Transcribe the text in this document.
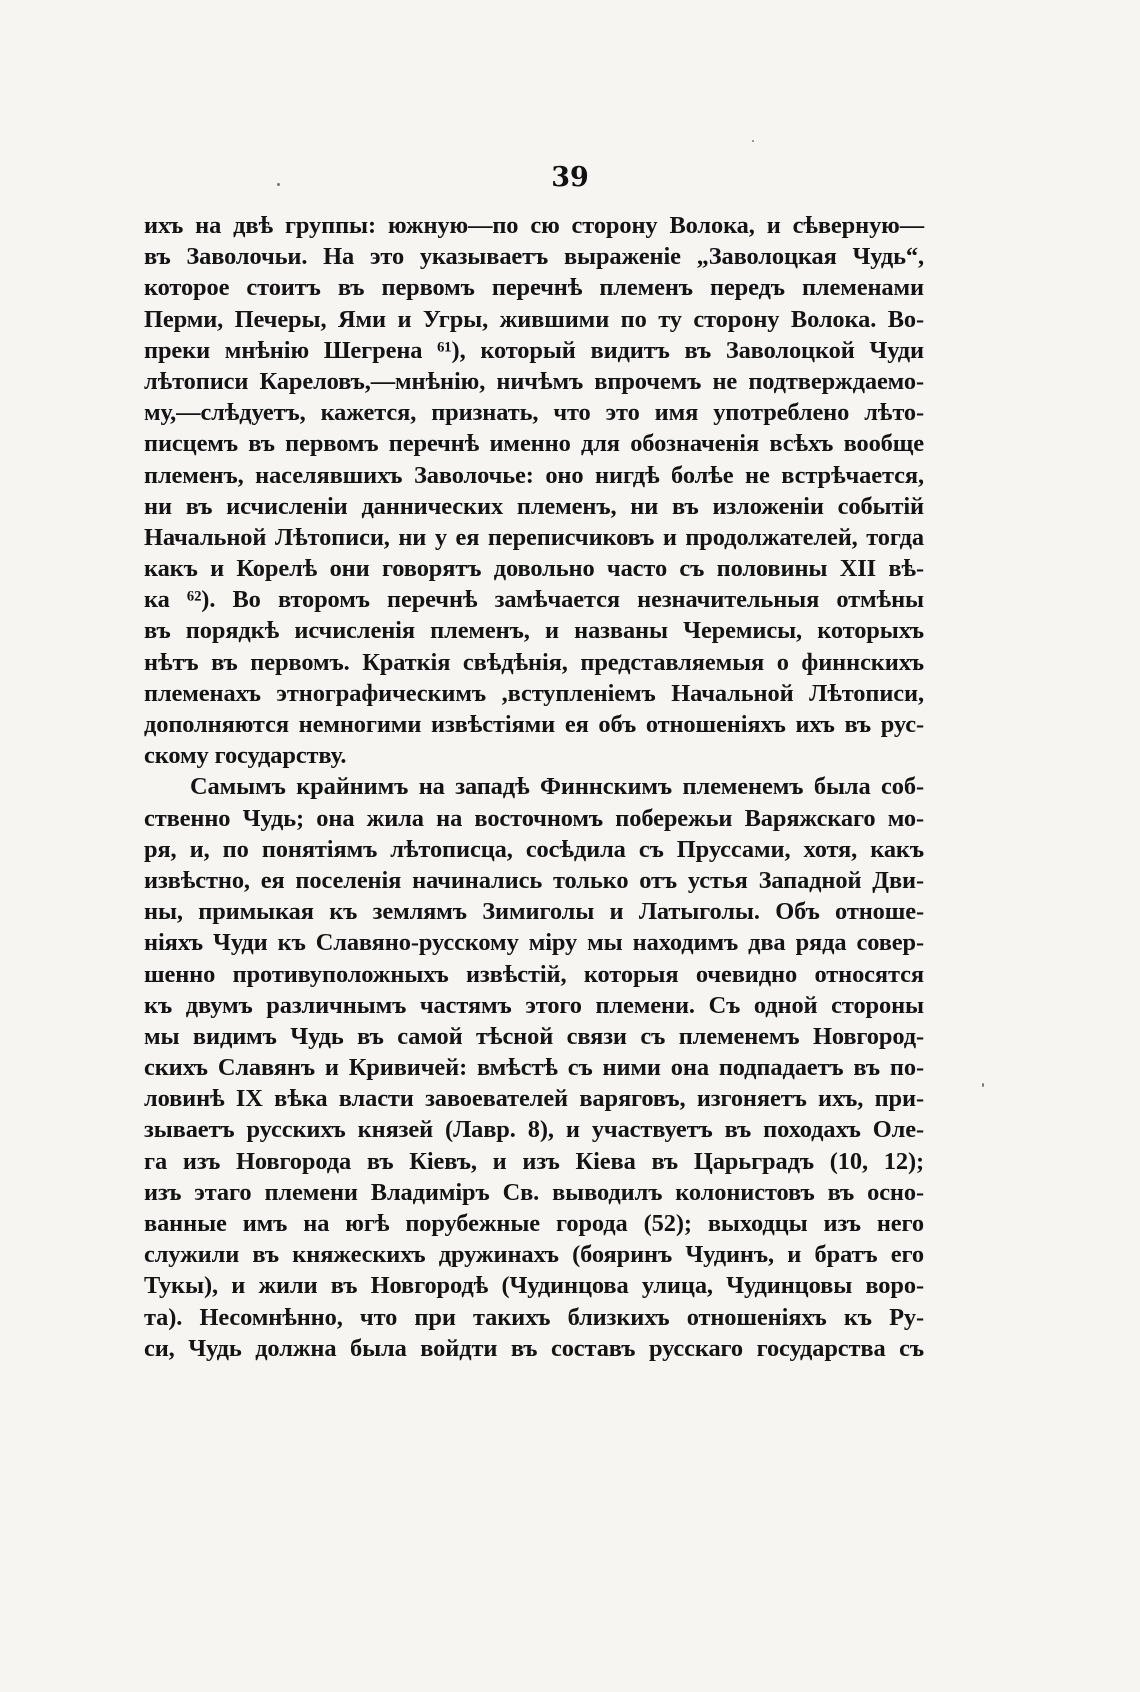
39
ихъ на двѣ группы: южную—по сю сторону Волока, и сѣверную—
въ Заволочьи. На это указываетъ выраженіе „Заволоцкая Чудь“,
которое стоитъ въ первомъ перечнѣ племенъ передъ племенами
Перми, Печеры, Ями и Угры, жившими по ту сторону Волока. Во-
преки мнѣнію Шегрена ⁶¹), который видитъ въ Заволоцкой Чуди
лѣтописи Кареловъ,—мнѣнію, ничѣмъ впрочемъ не подтверждаемо-
му,—слѣдуетъ, кажется, признать, что это имя употреблено лѣто-
писцемъ въ первомъ перечнѣ именно для обозначенія всѣхъ вообще
племенъ, населявшихъ Заволочье: оно нигдѣ болѣе не встрѣчается,
ни въ исчисленіи даннических племенъ, ни въ изложеніи событій
Начальной Лѣтописи, ни у ея переписчиковъ и продолжателей, тогда
какъ и Корелѣ они говорятъ довольно часто съ половины XII вѣ-
ка ⁶²). Во второмъ перечнѣ замѣчается незначительныя отмѣны
въ порядкѣ исчисленія племенъ, и названы Черемисы, которыхъ
нѣтъ въ первомъ. Краткія свѣдѣнія, представляемыя о финнскихъ
племенахъ этнографическимъ ,вступленіемъ Начальной Лѣтописи,
дополняются немногими извѣстіями ея объ отношеніяхъ ихъ въ рус-
скому государству.
Самымъ крайнимъ на западѣ Финнскимъ племенемъ была соб-
ственно Чудь; она жила на восточномъ побережьи Варяжскаго мо-
ря, и, по понятіямъ лѣтописца, сосѣдила съ Пруссами, хотя, какъ
извѣстно, ея поселенія начинались только отъ устья Западной Дви-
ны, примыкая къ землямъ Зимиголы и Латыголы. Объ отноше-
ніяхъ Чуди къ Славяно-русскому міру мы находимъ два ряда совер-
шенно противуположныхъ извѣстій, которыя очевидно относятся
къ двумъ различнымъ частямъ этого племени. Съ одной стороны
мы видимъ Чудь въ самой тѣсной связи съ племенемъ Новгород-
скихъ Славянъ и Кривичей: вмѣстѣ съ ними она подпадаетъ въ по-
ловинѣ IX вѣка власти завоевателей варяговъ, изгоняетъ ихъ, при-
зываетъ русскихъ князей (Лавр. 8), и участвуетъ въ походахъ Оле-
га изъ Новгорода въ Кіевъ, и изъ Кіева въ Царьградъ (10, 12);
изъ этаго племени Владиміръ Св. выводилъ колонистовъ въ осно-
ванные имъ на югѣ порубежные города (52); выходцы изъ него
служили въ княжескихъ дружинахъ (бояринъ Чудинъ, и братъ его
Тукы), и жили въ Новгородѣ (Чудинцова улица, Чудинцовы воро-
та). Несомнѣнно, что при такихъ близкихъ отношеніяхъ къ Ру-
си, Чудь должна была войдти въ составъ русскаго государства съ
